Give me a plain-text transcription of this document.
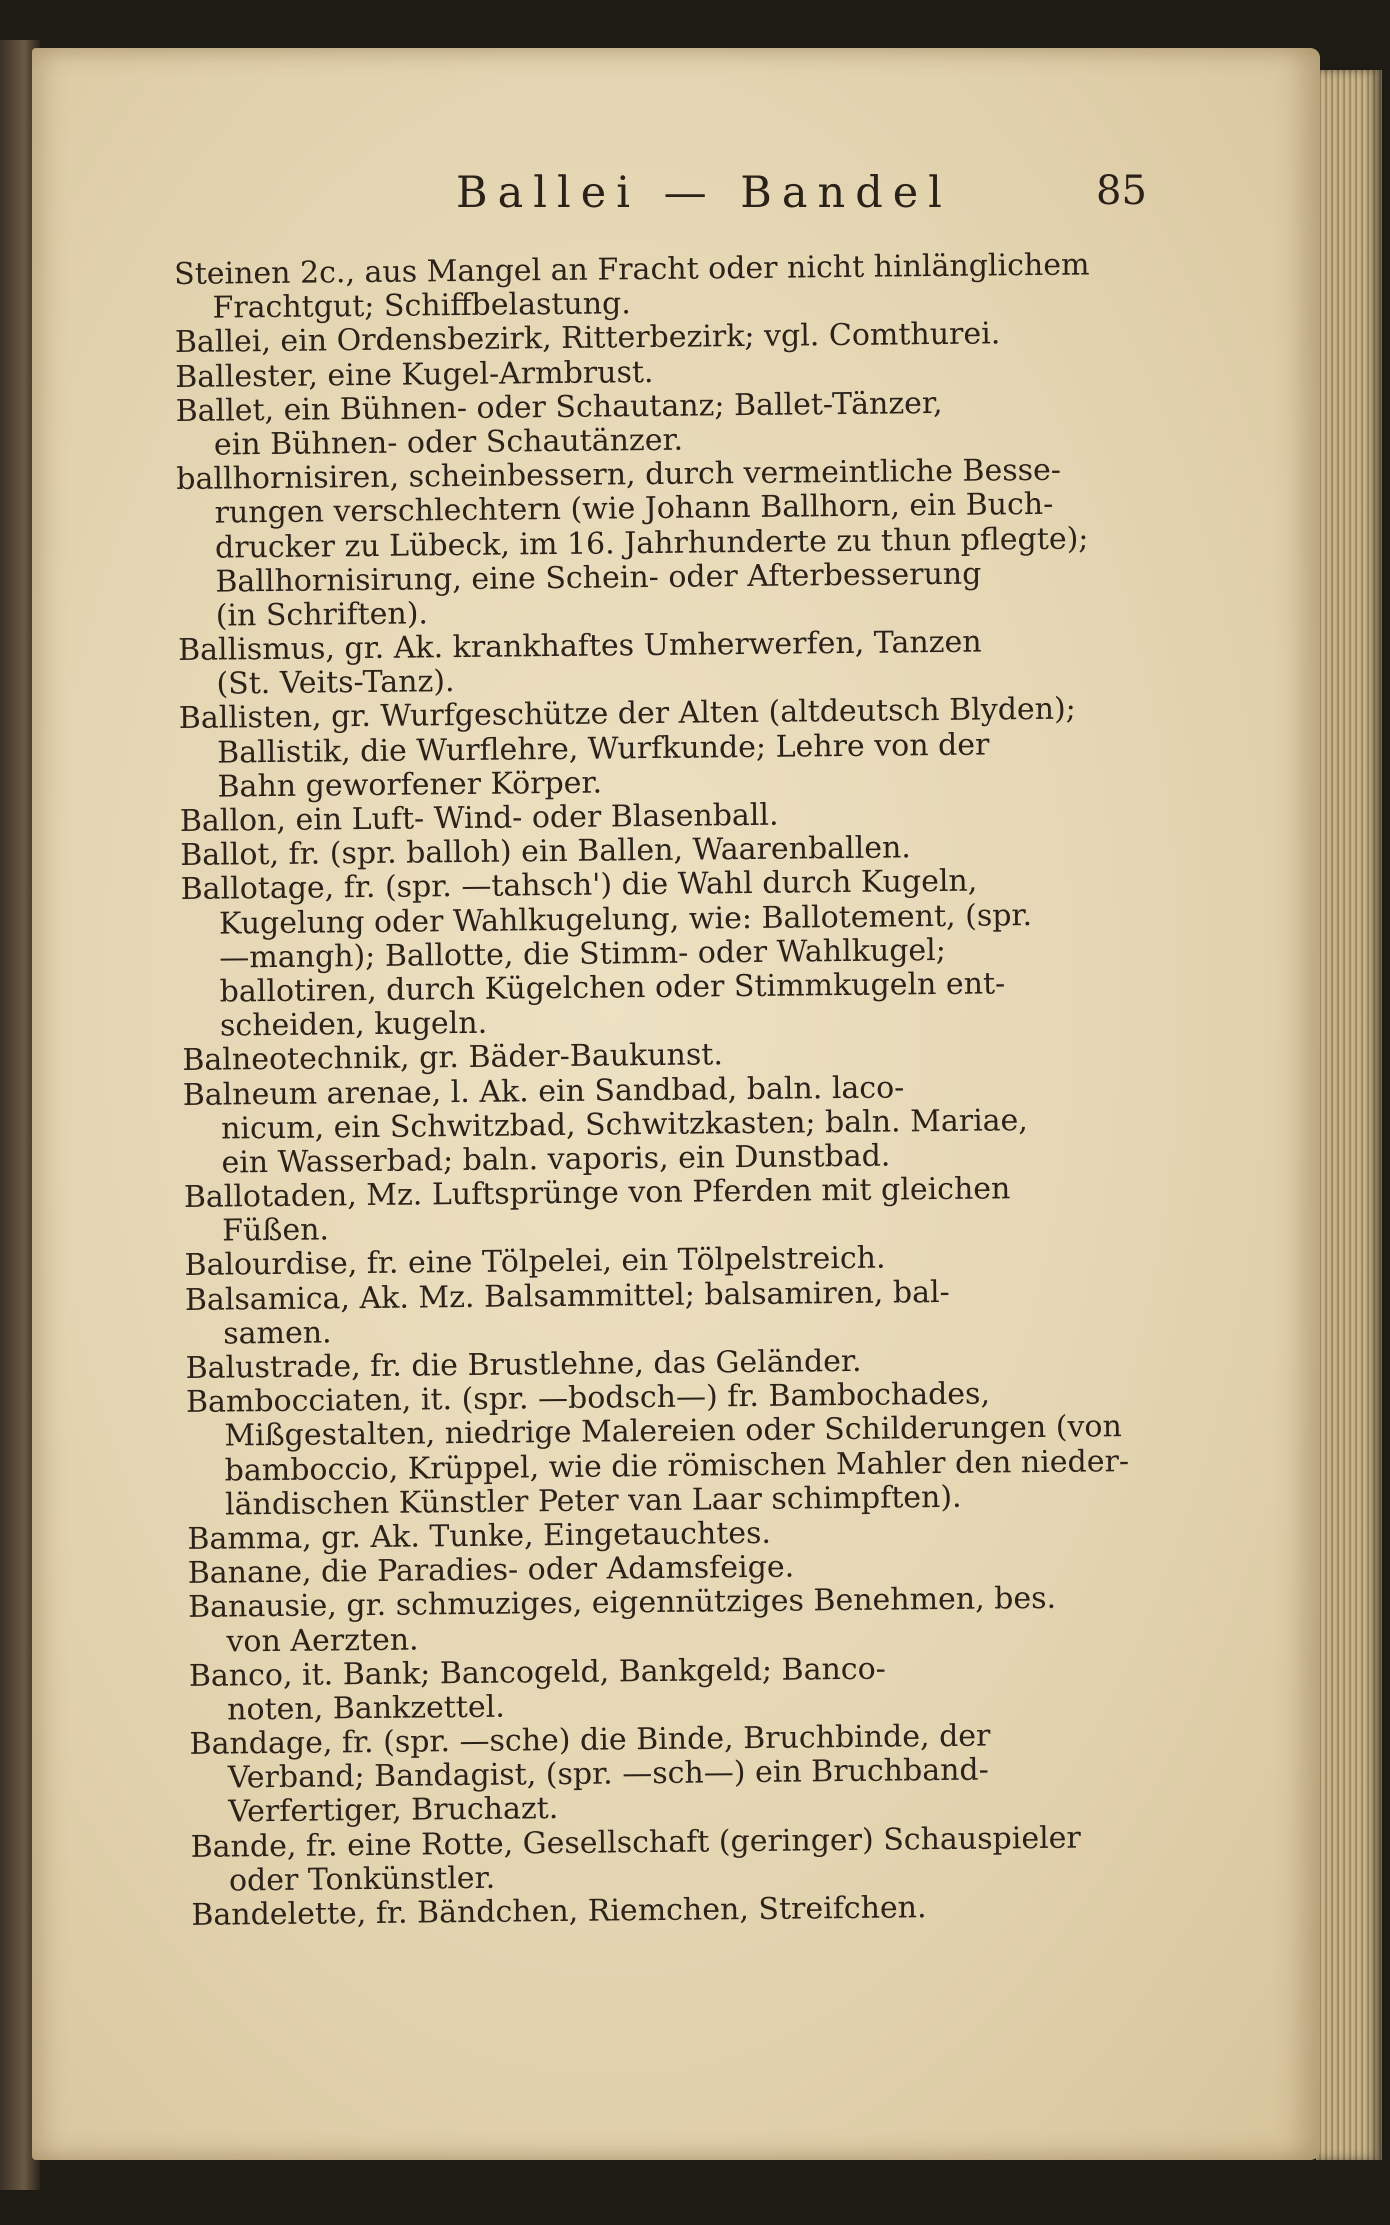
Ballei — Bandel	85
Steinen 2c., aus Mangel an Fracht oder nicht hinlänglichem
Frachtgut; Schiffbelastung.
Ballei, ein Ordensbezirk, Ritterbezirk; vgl. Comthurei.
Ballester, eine Kugel-Armbrust.
Ballet, ein Bühnen- oder Schautanz; Ballet-Tänzer,
ein Bühnen- oder Schautänzer.
ballhornisiren, scheinbessern, durch vermeintliche Besse-
rungen verschlechtern (wie Johann Ballhorn, ein Buch-
drucker zu Lübeck, im 16. Jahrhunderte zu thun pflegte);
Ballhornisirung, eine Schein- oder Afterbesserung
(in Schriften).
Ballismus, gr. Ak. krankhaftes Umherwerfen, Tanzen
(St. Veits-Tanz).
Ballisten, gr. Wurfgeschütze der Alten (altdeutsch Blyden);
Ballistik, die Wurflehre, Wurfkunde; Lehre von der
Bahn geworfener Körper.
Ballon, ein Luft- Wind- oder Blasenball.
Ballot, fr. (spr. balloh) ein Ballen, Waarenballen.
Ballotage, fr. (spr. —tahsch') die Wahl durch Kugeln,
Kugelung oder Wahlkugelung, wie: Ballotement, (spr.
—mangh); Ballotte, die Stimm- oder Wahlkugel;
ballotiren, durch Kügelchen oder Stimmkugeln ent-
scheiden, kugeln.
Balneotechnik, gr. Bäder-Baukunst.
Balneum arenae, l. Ak. ein Sandbad, baln. laco-
nicum, ein Schwitzbad, Schwitzkasten; baln. Mariae,
ein Wasserbad; baln. vaporis, ein Dunstbad.
Ballotaden, Mz. Luftsprünge von Pferden mit gleichen
Füßen.
Balourdise, fr. eine Tölpelei, ein Tölpelstreich.
Balsamica, Ak. Mz. Balsammittel; balsamiren, bal-
samen.
Balustrade, fr. die Brustlehne, das Geländer.
Bambocciaten, it. (spr. —bodsch—) fr. Bambochades,
Mißgestalten, niedrige Malereien oder Schilderungen (von
bamboccio, Krüppel, wie die römischen Mahler den nieder-
ländischen Künstler Peter van Laar schimpften).
Bamma, gr. Ak. Tunke, Eingetauchtes.
Banane, die Paradies- oder Adamsfeige.
Banausie, gr. schmuziges, eigennütziges Benehmen, bes.
von Aerzten.
Banco, it. Bank; Bancogeld, Bankgeld; Banco-
noten, Bankzettel.
Bandage, fr. (spr. —sche) die Binde, Bruchbinde, der
Verband; Bandagist, (spr. —sch—) ein Bruchband-
Verfertiger, Bruchazt.
Bande, fr. eine Rotte, Gesellschaft (geringer) Schauspieler
oder Tonkünstler.
Bandelette, fr. Bändchen, Riemchen, Streifchen.
